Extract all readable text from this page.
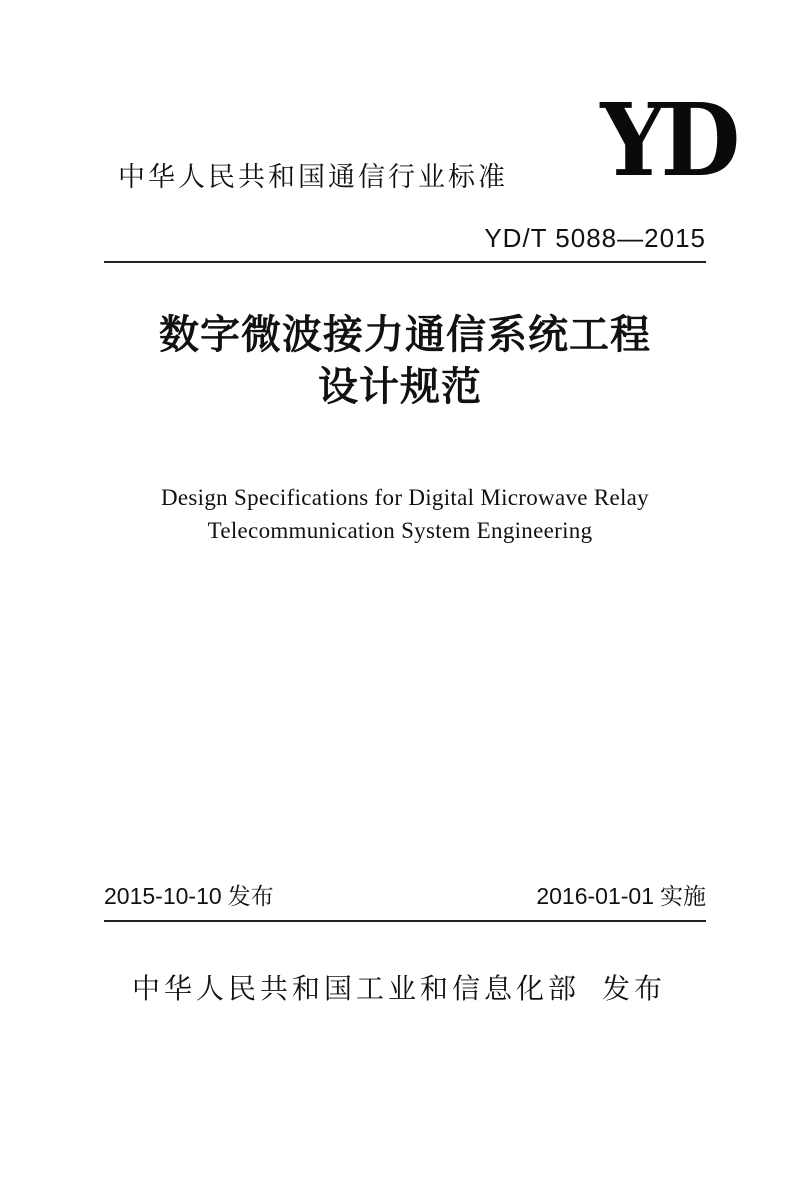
中华人民共和国通信行业标准 YD
YD/T 5088—2015
数字微波接力通信系统工程
设计规范
Design Specifications for Digital Microwave Relay
Telecommunication System Engineering
2015-10-10 发布	2016-01-01 实施
中华人民共和国工业和信息化部 发布
